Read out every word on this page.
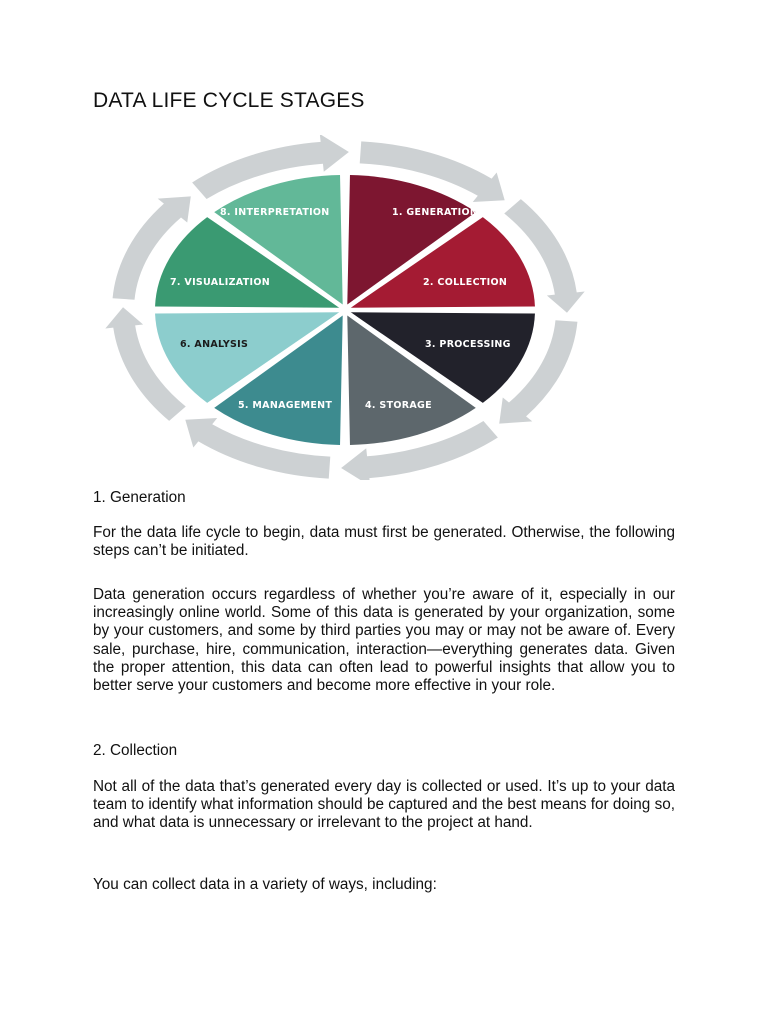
DATA LIFE CYCLE STAGES
1. GENERATION
2. COLLECTION
3. PROCESSING
4. STORAGE
5. MANAGEMENT
6. ANALYSIS
7. VISUALIZATION
8. INTERPRETATION

1. Generation

For the data life cycle to begin, data must first be generated. Otherwise, the following steps can’t be initiated.

Data generation occurs regardless of whether you’re aware of it, especially in our increasingly online world. Some of this data is generated by your organization, some by your customers, and some by third parties you may or may not be aware of. Every sale, purchase, hire, communication, interaction—everything generates data. Given the proper attention, this data can often lead to powerful insights that allow you to better serve your customers and become more effective in your role.

2. Collection

Not all of the data that’s generated every day is collected or used. It’s up to your data team to identify what information should be captured and the best means for doing so, and what data is unnecessary or irrelevant to the project at hand.

You can collect data in a variety of ways, including:
